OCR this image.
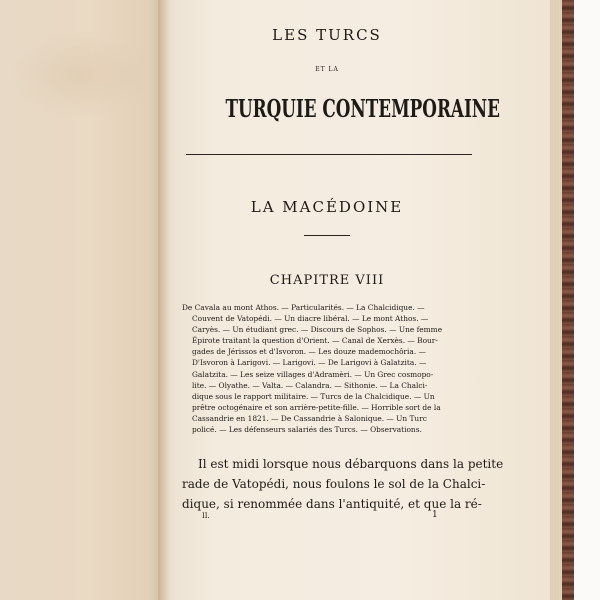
LES TURCS
ET LA
TURQUIE CONTEMPORAINE
LA MACÉDOINE
CHAPITRE VIII
De Cavala au mont Athos. — Particularités. — La Chalcidique. —
Couvent de Vatopédi. — Un diacre libéral. — Le mont Athos. —
Caryès. — Un étudiant grec. — Discours de Sophos. — Une femme
Épirote traitant la question d'Orient. — Canal de Xerxès. — Bour-
gades de Jérissos et d'Isvoron. — Les douze mademochôria. —
D'Isvoron à Larigovi. — Larigovi. — De Larigovi à Galatzita. —
Galatzita. — Les seize villages d'Adramèri. — Un Grec cosmopo-
lite. — Olyathe. — Valta. — Calandra. — Sithonie. — La Chalci-
dique sous le rapport militaire. — Turcs de la Chalcidique. — Un
prêtre octogénaire et son arrière-petite-fille. — Horrible sort de la
Cassandrie en 1821. — De Cassandrie à Salonique. — Un Turc
policé. — Les défenseurs salariés des Turcs. — Observations.
Il est midi lorsque nous débarquons dans la petite
rade de Vatopédi, nous foulons le sol de la Chalci-
dique, si renommée dans l'antiquité, et que la ré-
II.	1
